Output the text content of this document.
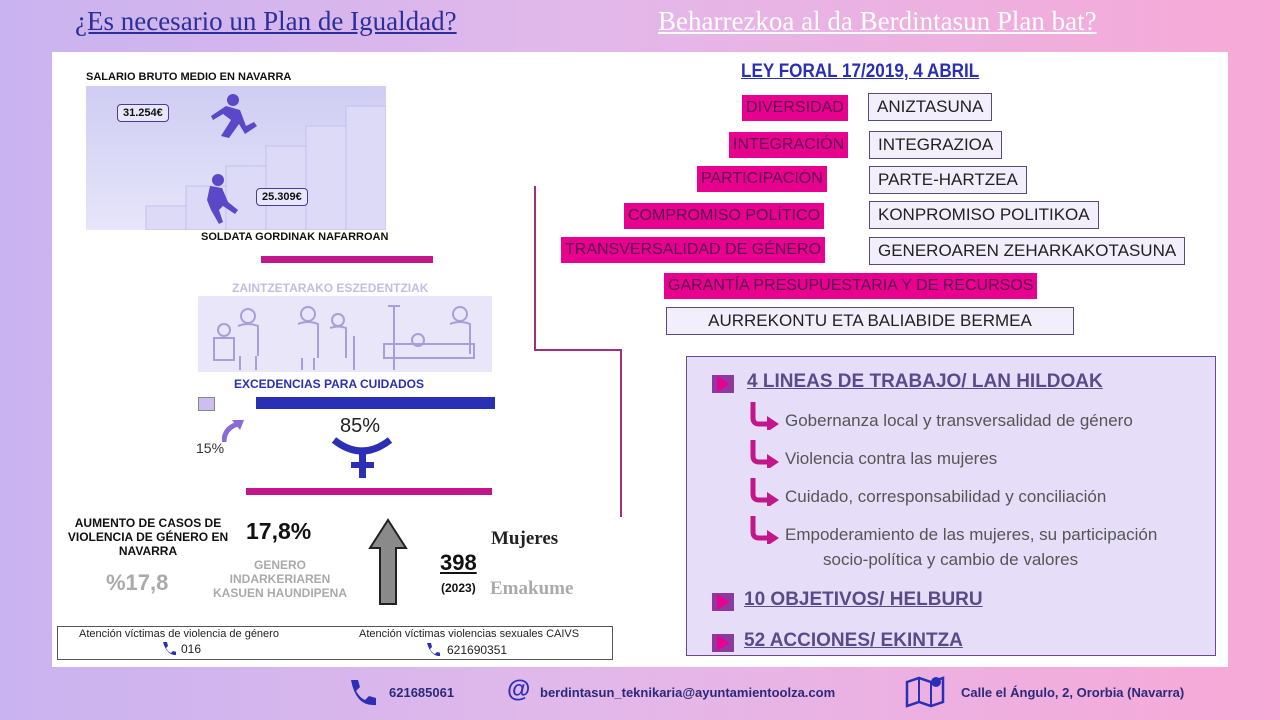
¿Es necesario un Plan de Igualdad?	Beharrezkoa al da Berdintasun Plan bat?
SALARIO BRUTO MEDIO EN NAVARRA
31.254€
25.309€
SOLDATA GORDINAK NAFARROAN
ZAINTZETARAKO ESZEDENTZIAK
EXCEDENCIAS PARA CUIDADOS
15%
85%
AUMENTO DE CASOS DE VIOLENCIA DE GÉNERO EN NAVARRA
17,8%
GENERO INDARKERIAREN KASUEN HAUNDIPENA
%17,8
Mujeres
398
(2023) Emakume
Atención víctimas de violencia de género
016
Atención víctimas violencias sexuales CAIVS
621690351
LEY FORAL 17/2019, 4 ABRIL
DIVERSIDAD	ANIZTASUNA
INTEGRACIÓN	INTEGRAZIOA
PARTICIPACIÓN	PARTE-HARTZEA
COMPROMISO POLÍTICO	KONPROMISO POLITIKOA
TRANSVERSALIDAD DE GÉNERO	GENEROAREN ZEHARKAKOTASUNA
GARANTÍA PRESUPUESTARIA Y DE RECURSOS
AURREKONTU ETA BALIABIDE BERMEA
4 LINEAS DE TRABAJO/ LAN HILDOAK
Gobernanza local y transversalidad de género
Violencia contra las mujeres
Cuidado, corresponsabilidad y conciliación
Empoderamiento de las mujeres, su participación
socio-política y cambio de valores
10 OBJETIVOS/ HELBURU
52 ACCIONES/ EKINTZA
621685061 @ berdintasun_teknikaria@ayuntamientoolza.com	Calle el Ángulo, 2, Ororbia (Navarra)
